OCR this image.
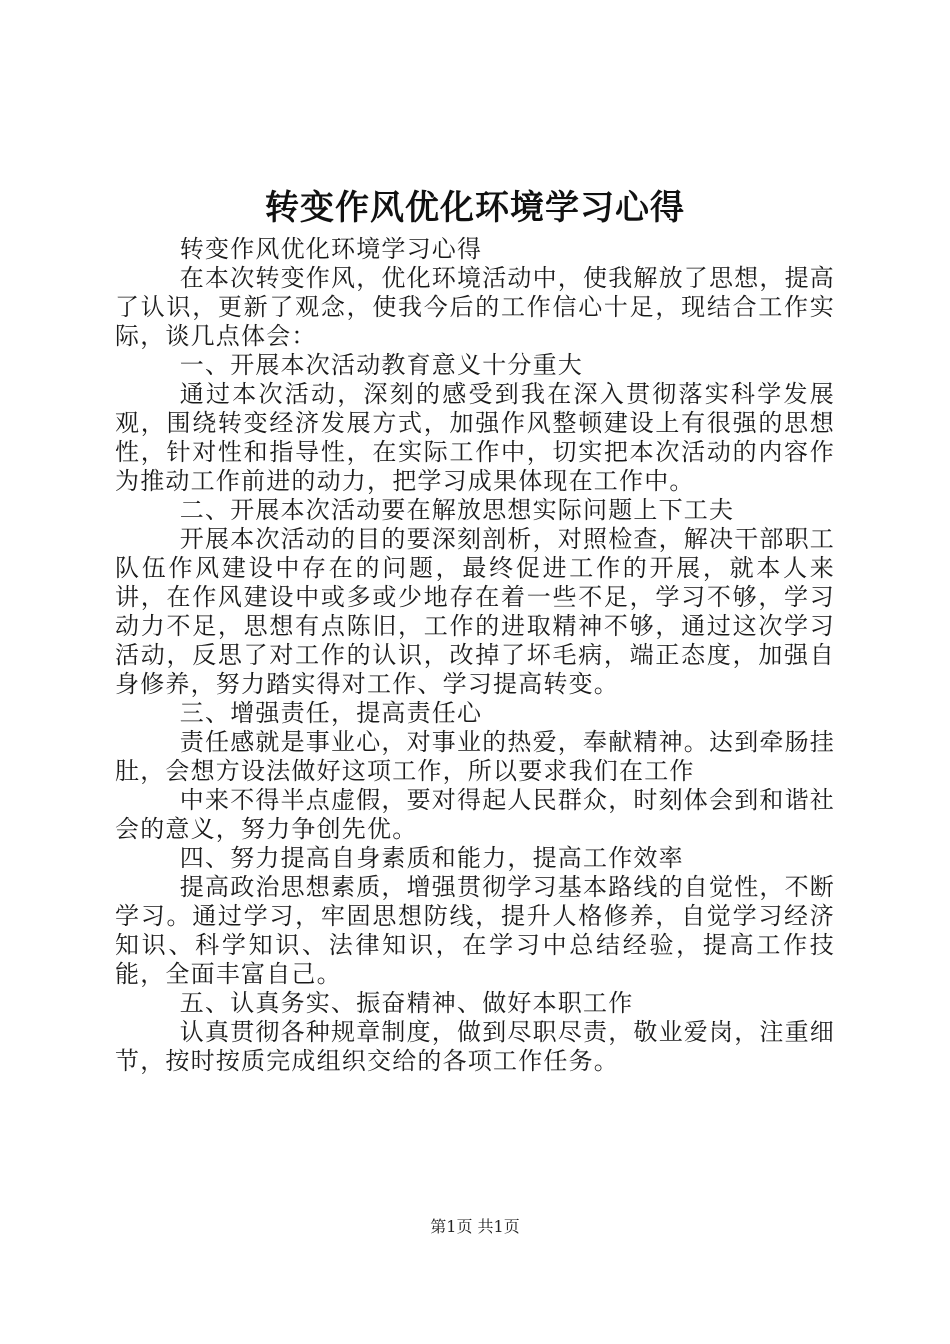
转变作风优化环境学习心得

转变作风优化环境学习心得

在本次转变作风，优化环境活动中，使我解放了思想，提高了认识，更新了观念，使我今后的工作信心十足，现结合工作实际，谈几点体会：

一、开展本次活动教育意义十分重大

通过本次活动，深刻的感受到我在深入贯彻落实科学发展观，围绕转变经济发展方式，加强作风整顿建设上有很强的思想性，针对性和指导性，在实际工作中，切实把本次活动的内容作为推动工作前进的动力，把学习成果体现在工作中。

二、开展本次活动要在解放思想实际问题上下工夫

开展本次活动的目的要深刻剖析，对照检查，解决干部职工队伍作风建设中存在的问题，最终促进工作的开展，就本人来讲，在作风建设中或多或少地存在着一些不足，学习不够，学习动力不足，思想有点陈旧，工作的进取精神不够，通过这次学习活动，反思了对工作的认识，改掉了坏毛病，端正态度，加强自身修养，努力踏实得对工作、学习提高转变。

三、增强责任，提高责任心

责任感就是事业心，对事业的热爱，奉献精神。达到牵肠挂肚，会想方设法做好这项工作，所以要求我们在工作

中来不得半点虚假，要对得起人民群众，时刻体会到和谐社会的意义，努力争创先优。

四、努力提高自身素质和能力，提高工作效率

提高政治思想素质，增强贯彻学习基本路线的自觉性，不断学习。通过学习，牢固思想防线，提升人格修养，自觉学习经济知识、科学知识、法律知识，在学习中总结经验，提高工作技能，全面丰富自己。

五、认真务实、振奋精神、做好本职工作

认真贯彻各种规章制度，做到尽职尽责，敬业爱岗，注重细节，按时按质完成组织交给的各项工作任务。

第1页 共1页
